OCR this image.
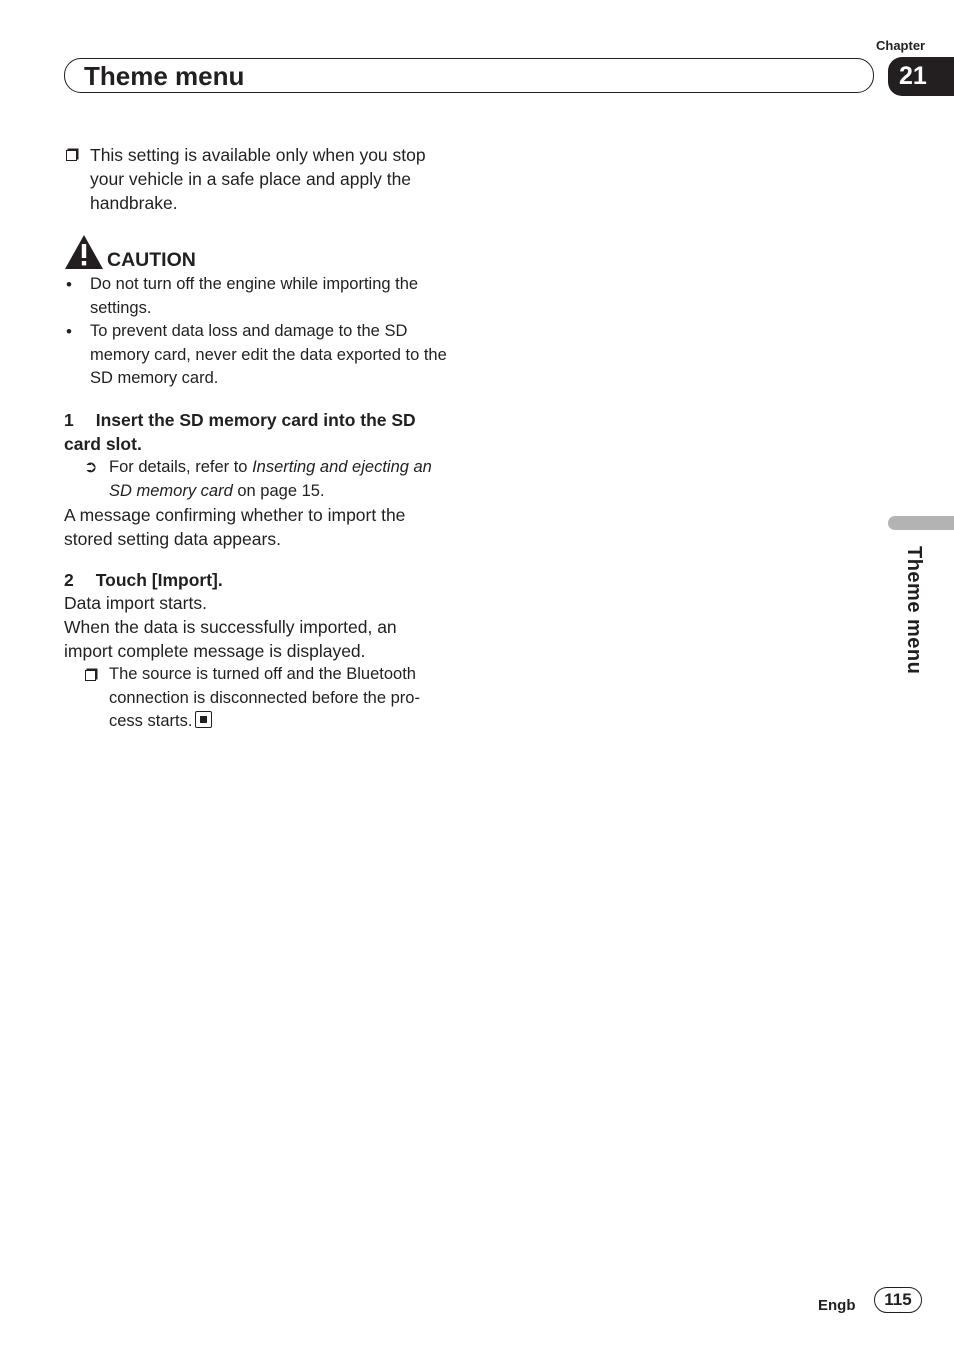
Chapter
Theme menu	21
Theme menu
This setting is available only when you stop your vehicle in a safe place and apply the handbrake.
CAUTION
• Do not turn off the engine while importing the settings.
• To prevent data loss and damage to the SD memory card, never edit the data exported to the SD memory card.
1 Insert the SD memory card into the SD card slot.
➲ For details, refer to Inserting and ejecting an SD memory card on page 15.
A message confirming whether to import the stored setting data appears.
2 Touch [Import].
Data import starts.
When the data is successfully imported, an import complete message is displayed.
The source is turned off and the Bluetooth connection is disconnected before the pro- cess starts.
Engb	115
